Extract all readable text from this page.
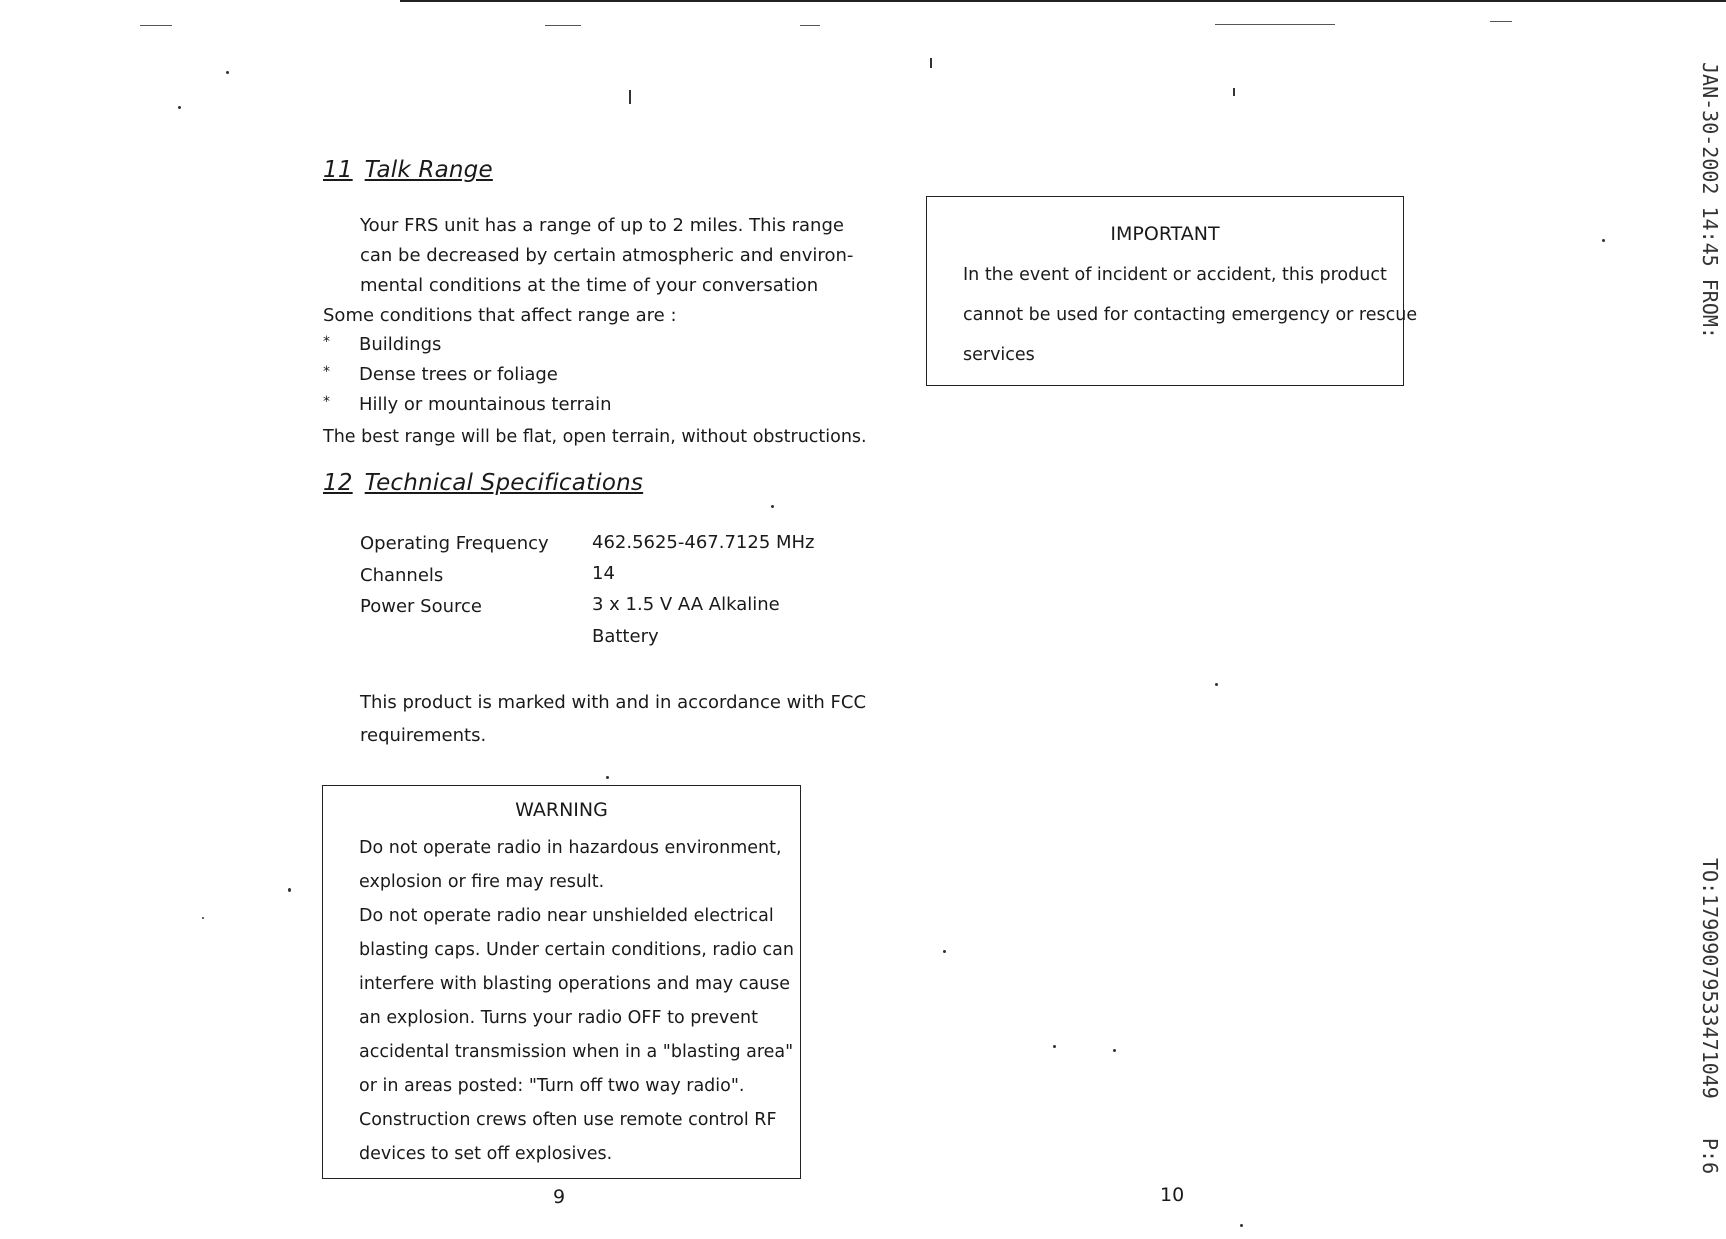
11 Talk Range
Your FRS unit has a range of up to 2 miles. This range
can be decreased by certain atmospheric and environ-
mental conditions at the time of your conversation
Some conditions that affect range are :
* Buildings
* Dense trees or foliage
* Hilly or mountainous terrain
The best range will be flat, open terrain, without obstructions.
12 Technical Specifications
Operating Frequency 462.5625-467.7125 MHz
Channels	14
Power Source	3 x 1.5 V AA Alkaline
Battery
This product is marked with and in accordance with FCC
requirements.
WARNING
Do not operate radio in hazardous environment,
explosion or fire may result.
Do not operate radio near unshielded electrical
blasting caps. Under certain conditions, radio can
interfere with blasting operations and may cause
an explosion. Turns your radio OFF to prevent
accidental transmission when in a "blasting area"
or in areas posted: "Turn off two way radio".
Construction crews often use remote control RF
devices to set off explosives.
9
IMPORTANT
In the event of incident or accident, this product
cannot be used for contacting emergency or rescue
services
10
JAN-30-2002 14:45 FROM:
TO:17909079533471049
P:6
